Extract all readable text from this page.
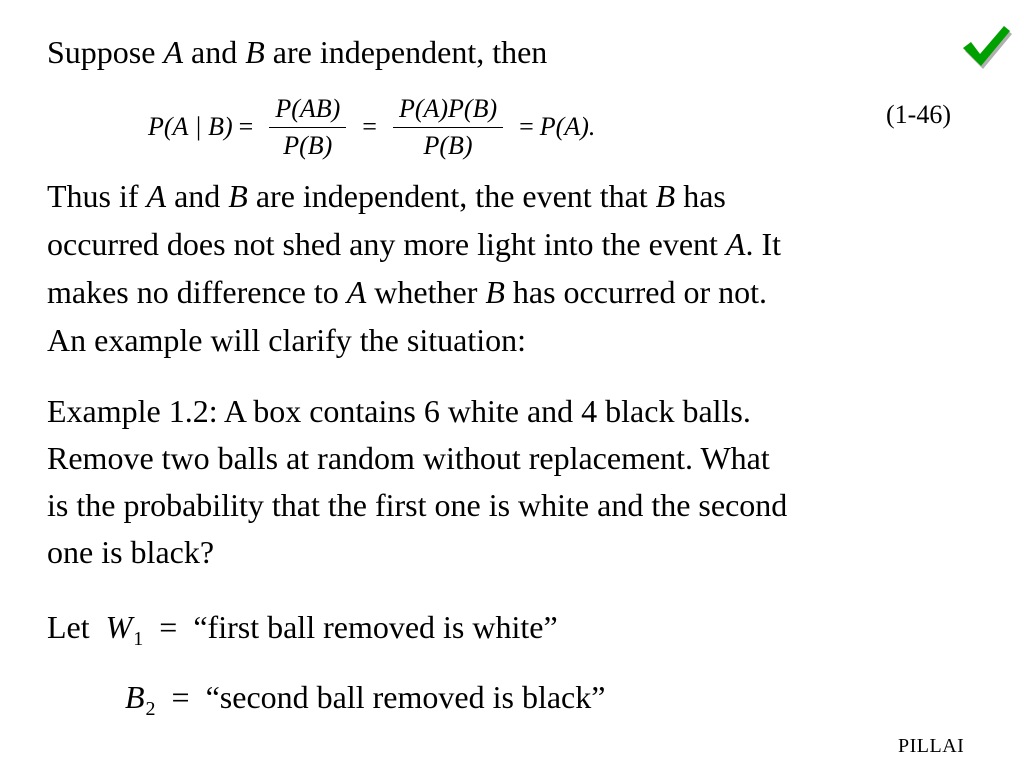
Suppose A and B are independent, then
P(A | $B) = \frac{P(AB)}{P(B)} = \frac{P(A)P(B)}{P(B)} = P(A)$.	(1-46)
Thus if A and B are independent, the event that B has
occurred does not shed any more light into the event A. It
makes no difference to A whether B has occurred or not.
An example will clarify the situation:
Example 1.2: A box contains 6 white and 4 black balls.
Remove two balls at random without replacement. What
is the probability that the first one is white and the second
one is black?
Let $W_1$ = “first ball removed is white”
$B_2$ = “second ball removed is black”
PILLAI
